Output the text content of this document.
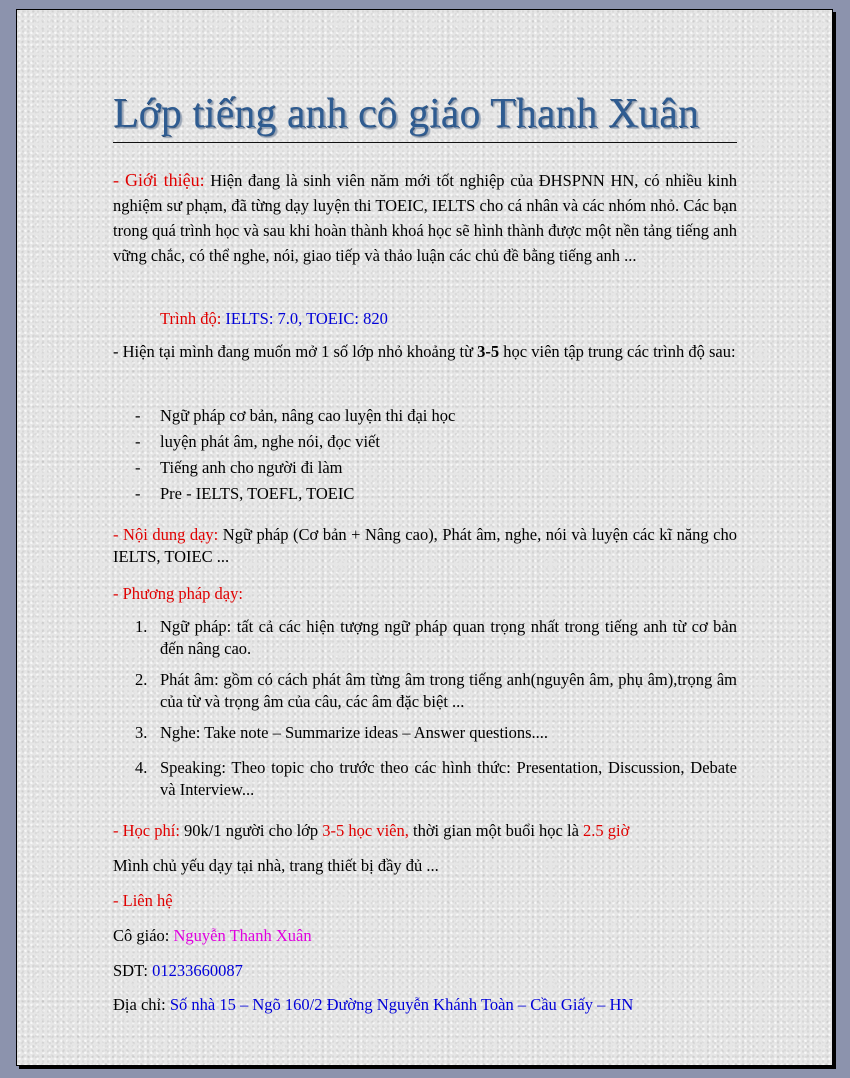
Lớp tiếng anh cô giáo Thanh Xuân

- Giới thiệu: Hiện đang là sinh viên năm mới tốt nghiệp của ĐHSPNN HN, có nhiều kinh nghiệm sư phạm, đã từng dạy luyện thi TOEIC, IELTS cho cá nhân và các nhóm nhỏ. Các bạn trong quá trình học và sau khi hoàn thành khoá học sẽ hình thành được một nền tảng tiếng anh vững chắc, có thể nghe, nói, giao tiếp và thảo luận các chủ đề bằng tiếng anh ...

Trình độ: IELTS: 7.0, TOEIC: 820

- Hiện tại mình đang muốn mở 1 số lớp nhỏ khoảng từ 3-5 học viên tập trung các trình độ sau:

- Ngữ pháp cơ bản, nâng cao luyện thi đại học
- luyện phát âm, nghe nói, đọc viết
- Tiếng anh cho người đi làm
- Pre - IELTS, TOEFL, TOEIC

- Nội dung dạy: Ngữ pháp (Cơ bản + Nâng cao), Phát âm, nghe, nói và luyện các kĩ năng cho IELTS, TOIEC ...

- Phương pháp dạy:

1. Ngữ pháp: tất cả các hiện tượng ngữ pháp quan trọng nhất trong tiếng anh từ cơ bản đến nâng cao.
2. Phát âm: gồm có cách phát âm từng âm trong tiếng anh(nguyên âm, phụ âm),trọng âm của từ và trọng âm của câu, các âm đặc biệt ...
3. Nghe: Take note – Summarize ideas – Answer questions....
4. Speaking: Theo topic cho trước theo các hình thức: Presentation, Discussion, Debate và Interview...

- Học phí: 90k/1 người cho lớp 3-5 học viên, thời gian một buổi học là 2.5 giờ

Mình chủ yếu dạy tại nhà, trang thiết bị đầy đủ ...

- Liên hệ

Cô giáo: Nguyễn Thanh Xuân

SDT: 01233660087

Địa chỉ: Số nhà 15 – Ngõ 160/2 Đường Nguyễn Khánh Toàn – Cầu Giấy – HN
